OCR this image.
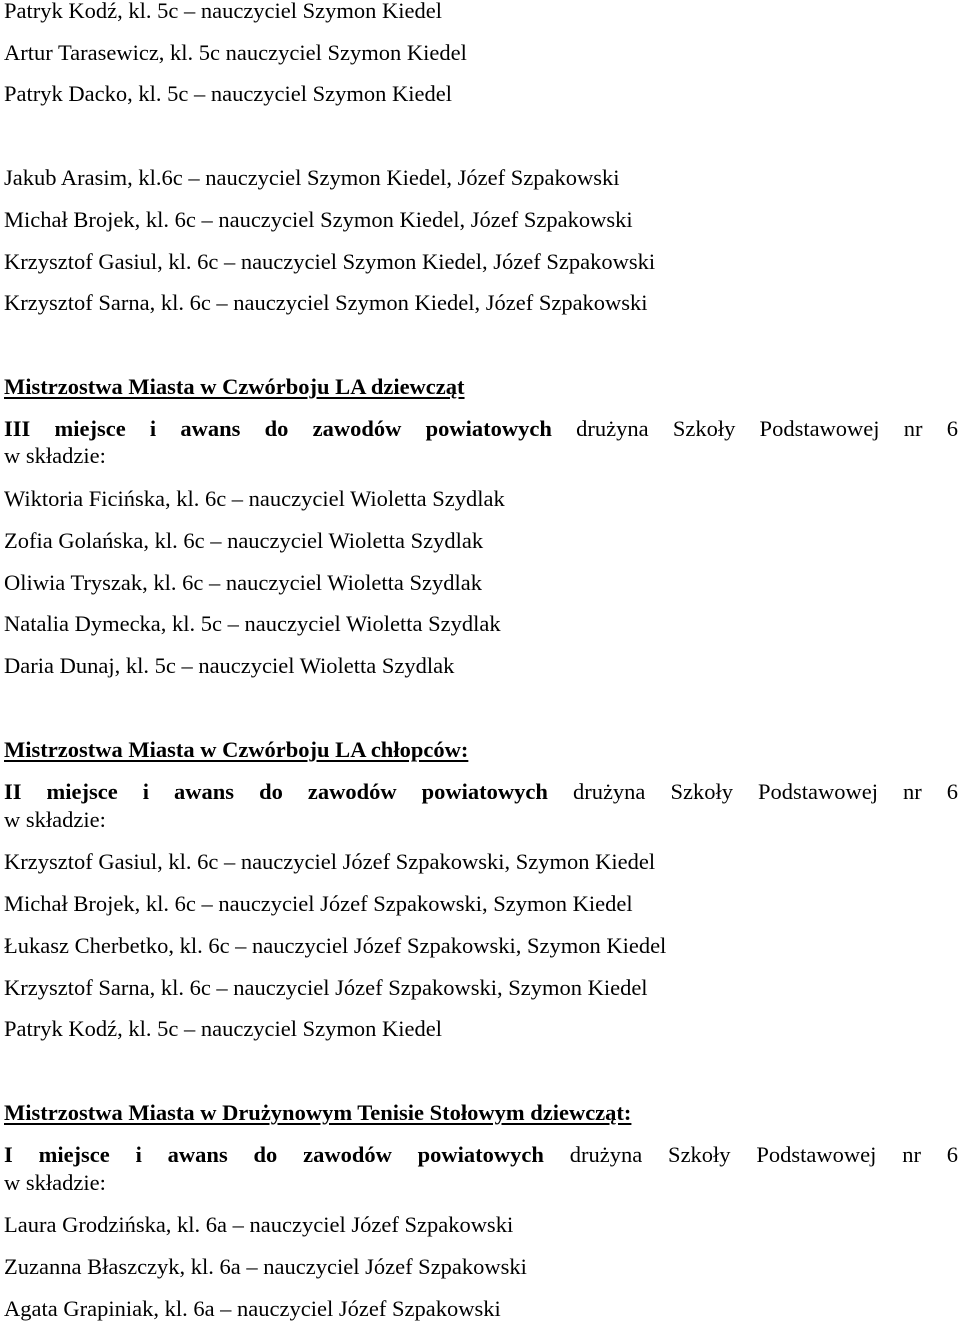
Patryk Kodź, kl. 5c – nauczyciel Szymon Kiedel
Artur Tarasewicz, kl. 5c nauczyciel Szymon Kiedel
Patryk Dacko, kl. 5c – nauczyciel Szymon Kiedel
Jakub Arasim, kl.6c – nauczyciel Szymon Kiedel, Józef Szpakowski
Michał Brojek, kl. 6c – nauczyciel Szymon Kiedel, Józef Szpakowski
Krzysztof Gasiul, kl. 6c – nauczyciel Szymon Kiedel, Józef Szpakowski
Krzysztof Sarna, kl. 6c – nauczyciel Szymon Kiedel, Józef Szpakowski
Mistrzostwa Miasta w Czwórboju LA dziewcząt
III miejsce i awans do zawodów powiatowych drużyna Szkoły Podstawowej nr 6
w składzie:
Wiktoria Ficińska, kl. 6c – nauczyciel Wioletta Szydlak
Zofia Golańska, kl. 6c – nauczyciel Wioletta Szydlak
Oliwia Tryszak, kl. 6c – nauczyciel Wioletta Szydlak
Natalia Dymecka, kl. 5c – nauczyciel Wioletta Szydlak
Daria Dunaj, kl. 5c – nauczyciel Wioletta Szydlak
Mistrzostwa Miasta w Czwórboju LA chłopców:
II miejsce i awans do zawodów powiatowych drużyna Szkoły Podstawowej nr 6
w składzie:
Krzysztof Gasiul, kl. 6c – nauczyciel Józef Szpakowski, Szymon Kiedel
Michał Brojek, kl. 6c – nauczyciel Józef Szpakowski, Szymon Kiedel
Łukasz Cherbetko, kl. 6c – nauczyciel Józef Szpakowski, Szymon Kiedel
Krzysztof Sarna, kl. 6c – nauczyciel Józef Szpakowski, Szymon Kiedel
Patryk Kodź, kl. 5c – nauczyciel Szymon Kiedel
Mistrzostwa Miasta w Drużynowym Tenisie Stołowym dziewcząt:
I miejsce i awans do zawodów powiatowych drużyna Szkoły Podstawowej nr 6
w składzie:
Laura Grodzińska, kl. 6a – nauczyciel Józef Szpakowski
Zuzanna Błaszczyk, kl. 6a – nauczyciel Józef Szpakowski
Agata Grapiniak, kl. 6a – nauczyciel Józef Szpakowski
